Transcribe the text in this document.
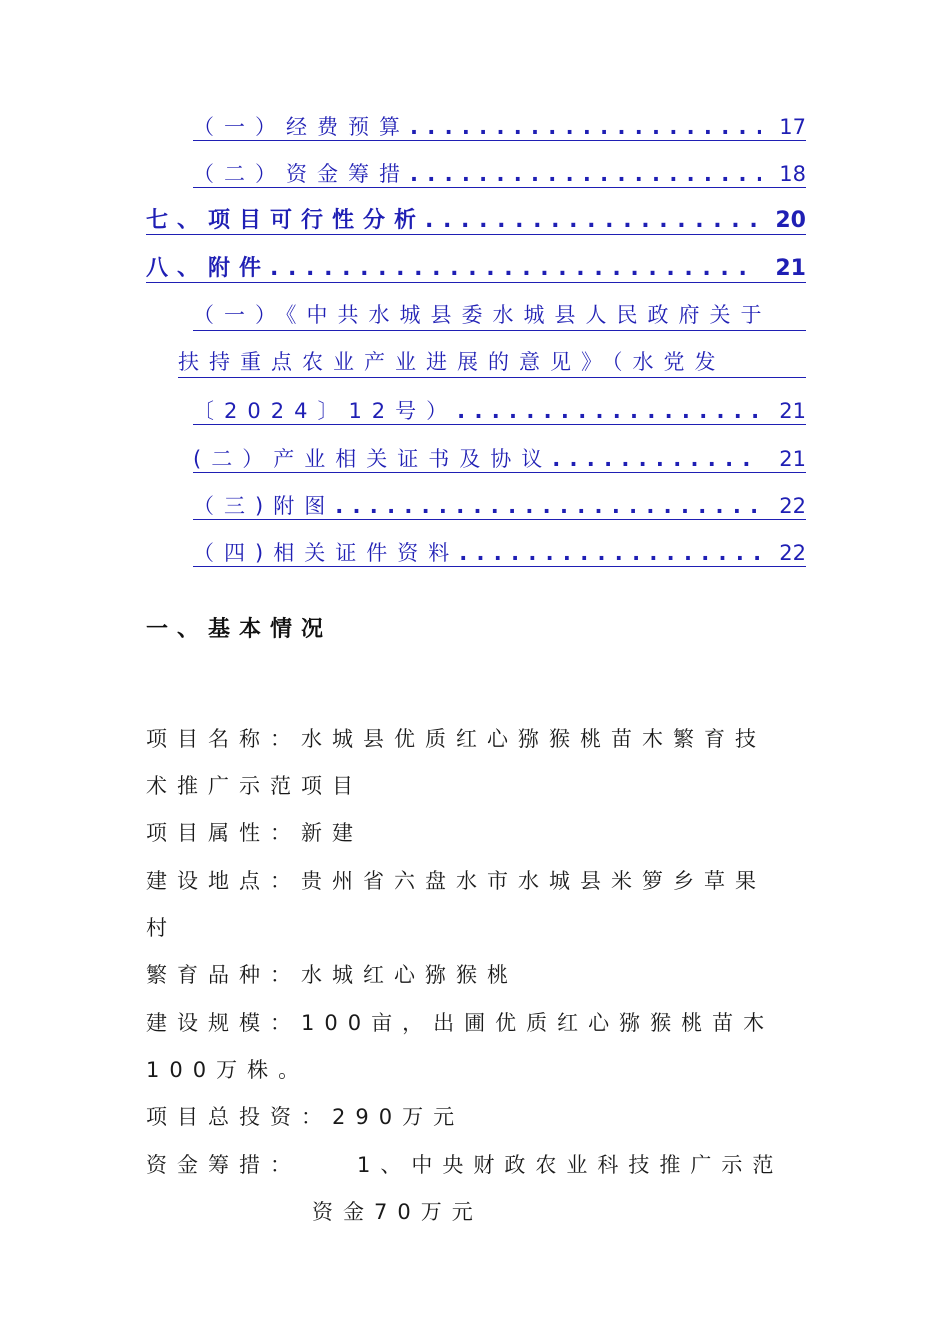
（一）经费预算 . . .	17
（二）资金筹措 . . .	18
七、项目可行性分析 . . .	20
八、附件 . . .	21
（一）《中共水城县委水城县人民政府关于
扶持重点农业产业进展的意见》（水党发
〔2024〕12号） . . .	21
(二）产业相关证书及协议 . . .	21
（三)附图 . . .	22
（四)相关证件资料 . . .	22
一、基本情况
项目名称：水城县优质红心猕猴桃苗木繁育技
术推广示范项目
项目属性：新建
建设地点：贵州省六盘水市水城县米箩乡草果
村
繁育品种：水城红心猕猴桃
建设规模：100亩，出圃优质红心猕猴桃苗木
100万株。
项目总投资：290万元
资金筹措：	1、中央财政农业科技推广示范
资金70万元
